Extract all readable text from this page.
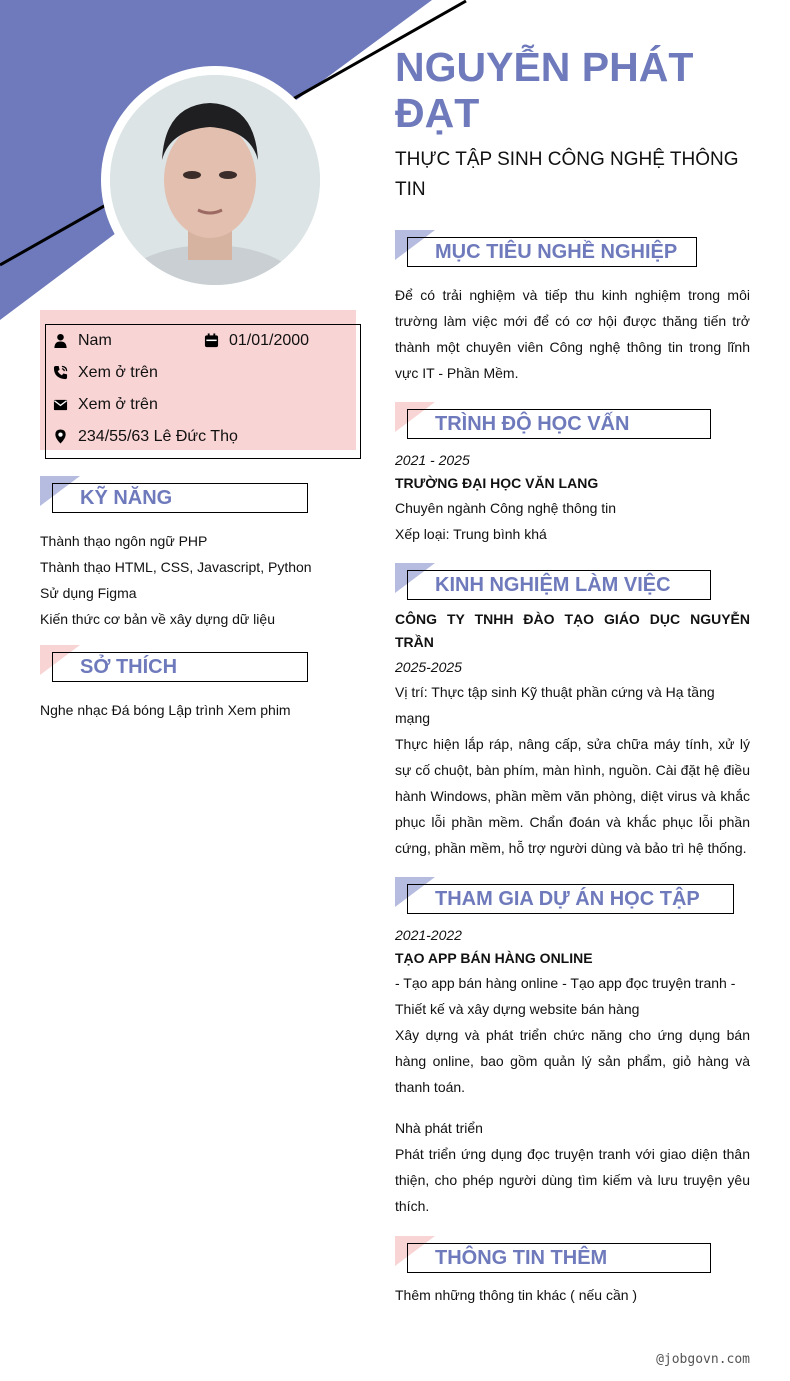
NGUYỄN PHÁT ĐẠT

THỰC TẬP SINH CÔNG NGHỆ THÔNG TIN

Nam	01/01/2000
Xem ở trên
Xem ở trên
234/55/63 Lê Đức Thọ
KỸ NĂNG

Thành thạo ngôn ngữ PHP

Thành thạo HTML, CSS, Javascript, Python

Sử dụng Figma

Kiến thức cơ bản về xây dựng dữ liệu

SỞ THÍCH

Nghe nhạc Đá bóng Lập trình Xem phim

MỤC TIÊU NGHỀ NGHIỆP

Để có trải nghiệm và tiếp thu kinh nghiệm trong môi trường làm việc mới để có cơ hội được thăng tiến trở thành một chuyên viên Công nghệ thông tin trong lĩnh vực IT - Phần Mềm.

TRÌNH ĐỘ HỌC VẤN

2021 - 2025

TRƯỜNG ĐẠI HỌC VĂN LANG

Chuyên ngành Công nghệ thông tin

Xếp loại: Trung bình khá

KINH NGHIỆM LÀM VIỆC

CÔNG TY TNHH ĐÀO TẠO GIÁO DỤC NGUYỄN TRẦN

2025-2025

Vị trí: Thực tập sinh Kỹ thuật phần cứng và Hạ tầng mạng

Thực hiện lắp ráp, nâng cấp, sửa chữa máy tính, xử lý sự cố chuột, bàn phím, màn hình, nguồn. Cài đặt hệ điều hành Windows, phần mềm văn phòng, diệt virus và khắc phục lỗi phần mềm. Chẩn đoán và khắc phục lỗi phần cứng, phần mềm, hỗ trợ người dùng và bảo trì hệ thống.

THAM GIA DỰ ÁN HỌC TẬP

2021-2022

TẠO APP BÁN HÀNG ONLINE

- Tạo app bán hàng online - Tạo app đọc truyện tranh - Thiết kế và xây dựng website bán hàng

Xây dựng và phát triển chức năng cho ứng dụng bán hàng online, bao gồm quản lý sản phẩm, giỏ hàng và thanh toán.

Nhà phát triển

Phát triển ứng dụng đọc truyện tranh với giao diện thân thiện, cho phép người dùng tìm kiếm và lưu truyện yêu thích.

THÔNG TIN THÊM

Thêm những thông tin khác ( nếu cần )

@jobgovn.com
